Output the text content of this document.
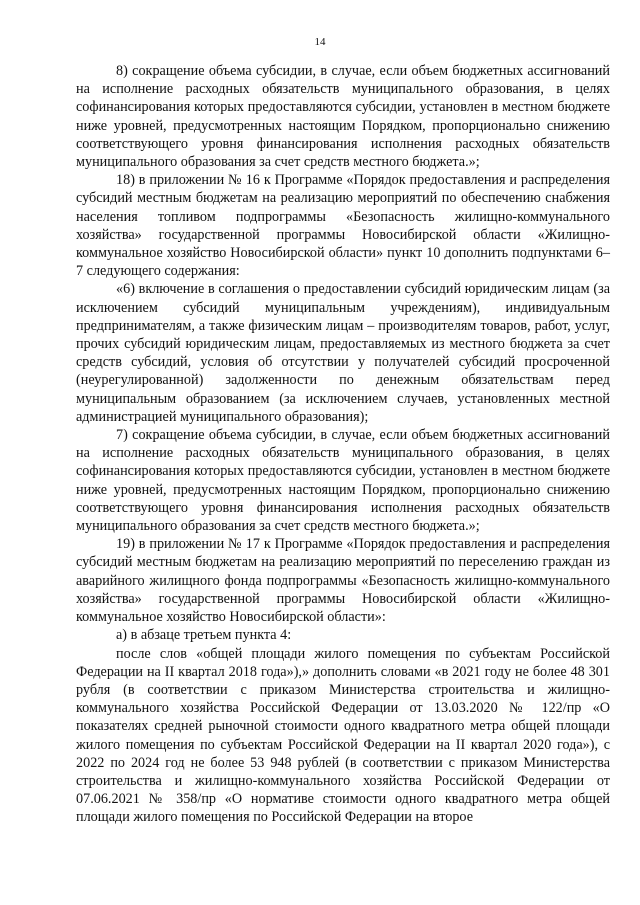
14

8) сокращение объема субсидии, в случае, если объем бюджетных ассигнований на исполнение расходных обязательств муниципального образования, в целях софинансирования которых предоставляются субсидии, установлен в местном бюджете ниже уровней, предусмотренных настоящим Порядком, пропорционально снижению соответствующего уровня финансирования исполнения расходных обязательств муниципального образования за счет средств местного бюджета.»;

18) в приложении № 16 к Программе «Порядок предоставления и распределения субсидий местным бюджетам на реализацию мероприятий по обеспечению снабжения населения топливом подпрограммы «Безопасность жилищно-коммунального хозяйства» государственной программы Новосибирской области «Жилищно-коммунальное хозяйство Новосибирской области» пункт 10 дополнить подпунктами 6–7 следующего содержания:

«6) включение в соглашения о предоставлении субсидий юридическим лицам (за исключением субсидий муниципальным учреждениям), индивидуальным предпринимателям, а также физическим лицам – производителям товаров, работ, услуг, прочих субсидий юридическим лицам, предоставляемых из местного бюджета за счет средств субсидий, условия об отсутствии у получателей субсидий просроченной (неурегулированной) задолженности по денежным обязательствам перед муниципальным образованием (за исключением случаев, установленных местной администрацией муниципального образования);

7) сокращение объема субсидии, в случае, если объем бюджетных ассигнований на исполнение расходных обязательств муниципального образования, в целях софинансирования которых предоставляются субсидии, установлен в местном бюджете ниже уровней, предусмотренных настоящим Порядком, пропорционально снижению соответствующего уровня финансирования исполнения расходных обязательств муниципального образования за счет средств местного бюджета.»;

19) в приложении № 17 к Программе «Порядок предоставления и распределения субсидий местным бюджетам на реализацию мероприятий по переселению граждан из аварийного жилищного фонда подпрограммы «Безопасность жилищно-коммунального хозяйства» государственной программы Новосибирской области «Жилищно-коммунальное хозяйство Новосибирской области»:

а) в абзаце третьем пункта 4:

после слов «общей площади жилого помещения по субъектам Российской Федерации на II квартал 2018 года»),» дополнить словами «в 2021 году не более 48 301 рубля (в соответствии с приказом Министерства строительства и жилищно-коммунального хозяйства Российской Федерации от 13.03.2020 № 122/пр «О показателях средней рыночной стоимости одного квадратного метра общей площади жилого помещения по субъектам Российской Федерации на II квартал 2020 года»), с 2022 по 2024 год не более 53 948 рублей (в соответствии с приказом Министерства строительства и жилищно-коммунального хозяйства Российской Федерации от 07.06.2021 № 358/пр «О нормативе стоимости одного квадратного метра общей площади жилого помещения по Российской Федерации на второе
